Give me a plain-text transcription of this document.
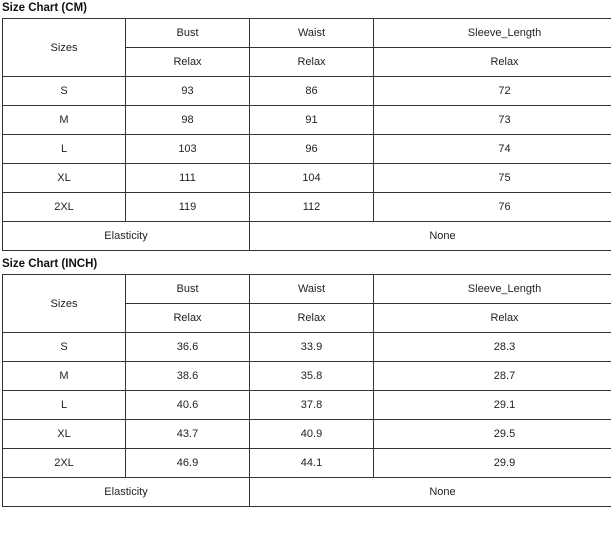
Size Chart (CM)
Sizes	Bust	Waist	Sleeve_Length
	Relax	Relax	Relax
S	93	86	72
M	98	91	73
L	103	96	74
XL	111	104	75
2XL	119	112	76
Elasticity		None	
Size Chart (INCH)
Sizes	Bust	Waist	Sleeve_Length
	Relax	Relax	Relax
S	36.6	33.9	28.3
M	38.6	35.8	28.7
L	40.6	37.8	29.1
XL	43.7	40.9	29.5
2XL	46.9	44.1	29.9
Elasticity		None	
